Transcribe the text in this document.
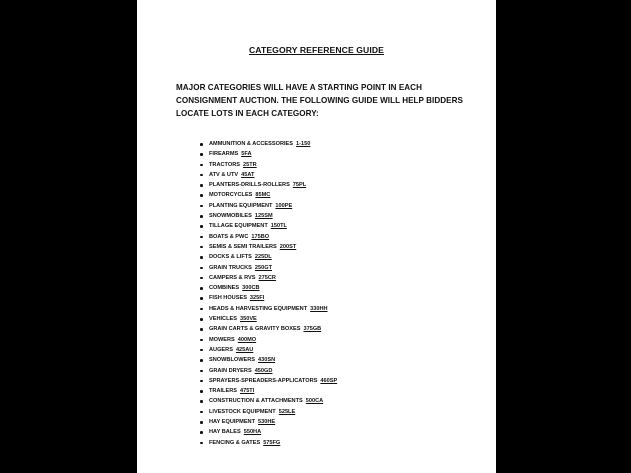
CATEGORY REFERENCE GUIDE
MAJOR CATEGORIES WILL HAVE A STARTING POINT IN EACH
CONSIGNMENT AUCTION. THE FOLLOWING GUIDE WILL HELP BIDDERS
LOCATE LOTS IN EACH CATEGORY:
AMMUNITION & ACCESSORIES 1-150
FIREARMS 5FA
TRACTORS 25TR
ATV & UTV 45AT
PLANTERS-DRILLS-ROLLERS 75PL
MOTORCYCLES 85MC
PLANTING EQUIPMENT 100PE
SNOWMOBILES 125SM
TILLAGE EQUIPMENT 150TL
BOATS & PWC 175BO
SEMIS & SEMI TRAILERS 200ST
DOCKS & LIFTS 225DL
GRAIN TRUCKS 250GT
CAMPERS & RVS 275CR
COMBINES 300CB
FISH HOUSES 325FI
HEADS & HARVESTING EQUIPMENT 330HH
VEHICLES 350VE
GRAIN CARTS & GRAVITY BOXES 375GB
MOWERS 400MO
AUGERS 425AU
SNOWBLOWERS 430SN
GRAIN DRYERS 450GD
SPRAYERS-SPREADERS-APPLICATORS 460SP
TRAILERS 475TI
CONSTRUCTION & ATTACHMENTS 500CA
LIVESTOCK EQUIPMENT 525LE
HAY EQUIPMENT 530HE
HAY BALES 550HA
FENCING & GATES 575FG
